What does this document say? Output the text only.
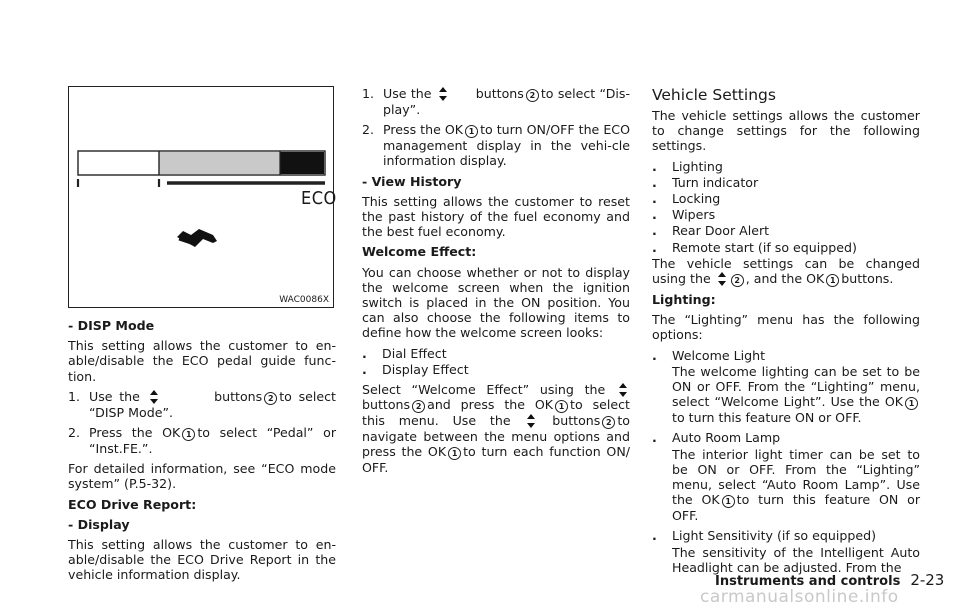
ECO
WAC0086X
- DISP Mode

This setting allows the customer to en-able/disable the ECO pedal guide func-tion.

1. Use the	buttons 2 to select “DISP Mode”.
2. Press the OK 1 to select “Pedal” or “Inst.FE.”.

For detailed information, see “ECO mode system” (P.5-32).

ECO Drive Report:
- Display

This setting allows the customer to en-able/disable the ECO Drive Report in the vehicle information display.

1. Use the	buttons 2 to select “Dis-play”.
2. Press the OK 1 to turn ON/OFF the ECO management display in the vehi-cle information display.
- View History

This setting allows the customer to reset the past history of the fuel economy and the best fuel economy.

Welcome Effect:

You can choose whether or not to display the welcome screen when the ignition switch is placed in the ON position. You can also choose the following items to define how the welcome screen looks:

.	Dial Effect
.	Display Effect

Select “Welcome Effect” using the  buttons 2 and press the OK 1 to select this menu. Use the	buttons 2 to navigate between the menu options and press the OK 1 to turn each function ON/ OFF.

Vehicle Settings

The vehicle settings allows the customer to change settings for the following settings.

.	Lighting
.	Turn indicator
.	Locking
.	Wipers
.	Rear Door Alert
.	Remote start (if so equipped)

The vehicle settings can be changed using the	2 , and the OK 1 buttons.

Lighting:

The “Lighting” menu has the following options:

.	Welcome Light

The welcome lighting can be set to be ON or OFF. From the “Lighting” menu, select “Welcome Light”. Use the OK 1to turn this feature ON or OFF.

.	Auto Room Lamp

The interior light timer can be set to be ON or OFF. From the “Lighting” menu, select “Auto Room Lamp”. Use the OK 1 to turn this feature ON or OFF.

.	Light Sensitivity (if so equipped)

The sensitivity of the Intelligent Auto Headlight can be adjusted. From the

Instruments and controls 2-23
carmanualsonline.info
